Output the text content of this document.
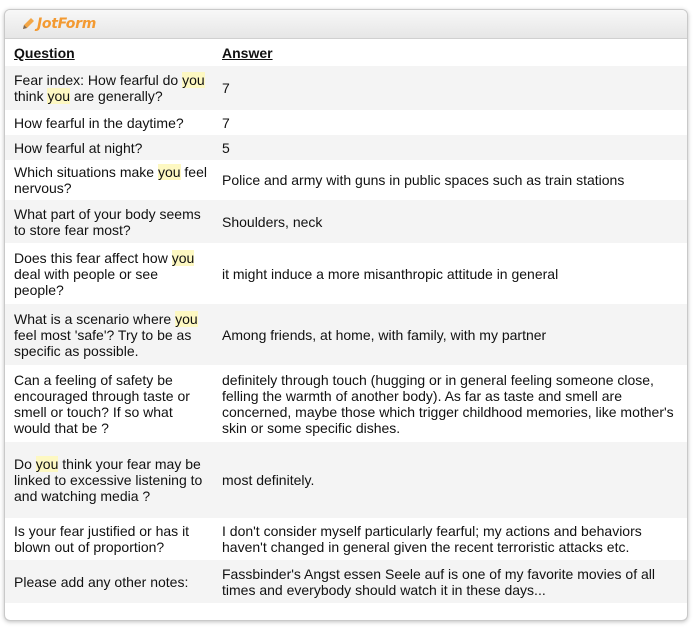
JotForm
Question	Answer
Fear index: How fearful do you think you are generally?	7
How fearful in the daytime?	7
How fearful at night?	5
Which situations make you feel nervous?	Police and army with guns in public spaces such as train stations
What part of your body seems to store fear most?	Shoulders, neck
Does this fear affect how you deal with people or see people?	it might induce a more misanthropic attitude in general
What is a scenario where you feel most 'safe'? Try to be as specific as possible.	Among friends, at home, with family, with my partner
Can a feeling of safety be encouraged through taste or smell or touch? If so what would that be ?	definitely through touch (hugging or in general feeling someone close, felling the warmth of another body). As far as taste and smell are concerned, maybe those which trigger childhood memories, like mother's skin or some specific dishes.
Do you think your fear may be linked to excessive listening to and watching media ?	most definitely.
Is your fear justified or has it blown out of proportion?	I don't consider myself particularly fearful; my actions and behaviors haven't changed in general given the recent terroristic attacks etc.
Please add any other notes:	Fassbinder's Angst essen Seele auf is one of my favorite movies of all times and everybody should watch it in these days...
